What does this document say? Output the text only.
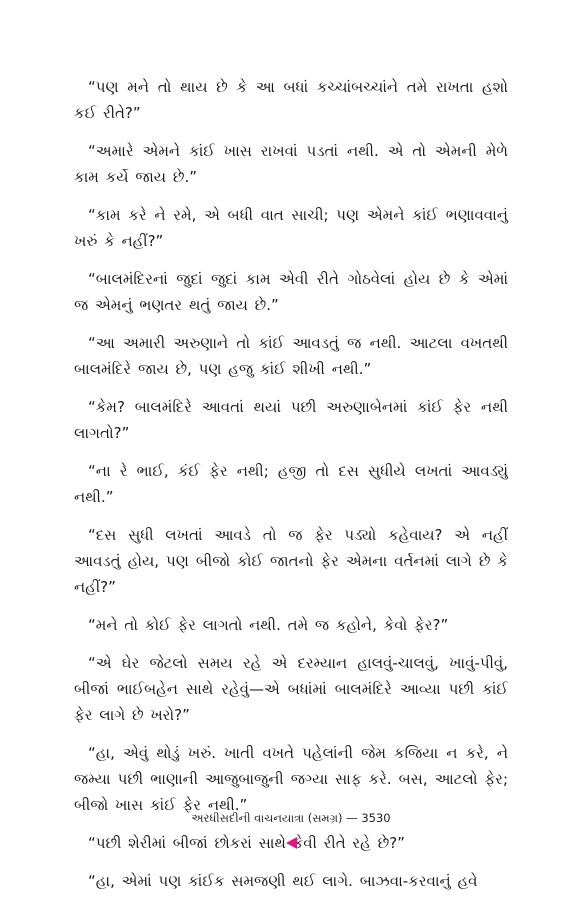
“પણ મને તો થાય છે કે આ બધાં કચ્ચાંબચ્ચાંને તમે રાખતા હશો કઈ રીતે?”

“અમારે એમને કાંઈ ખાસ રાખવાં પડતાં નથી. એ તો એમની મેળે કામ કર્યે જાય છે.”

“કામ કરે ને રમે, એ બધી વાત સાચી; પણ એમને કાંઈ ભણાવવાનું ખરું કે નહીં?”

“બાલમંદિરનાં જુદાં જુદાં કામ એવી રીતે ગોઠવેલાં હોય છે કે એમાં જ એમનું ભણતર થતું જાય છે.”

“આ અમારી અરુણાને તો કાંઈ આવડતું જ નથી. આટલા વખતથી બાલમંદિરે જાય છે, પણ હજુ કાંઈ શીખી નથી.”

“કેમ? બાલમંદિરે આવતાં થયાં પછી અરુણાબેનમાં કાંઈ ફેર નથી લાગતો?”

“ના રે ભાઈ, કંઈ ફેર નથી; હજી તો દસ સુધીયે લખતાં આવડ્યું નથી.”

“દસ સુધી લખતાં આવડે તો જ ફેર પડ્યો કહેવાય? એ નહીં આવડતું હોય, પણ બીજો કોઈ જાતનો ફેર એમના વર્તનમાં લાગે છે કે નહીં?”

“મને તો કોઈ ફેર લાગતો નથી. તમે જ કહોને, કેવો ફેર?”

“એ ઘેર જેટલો સમય રહે એ દરમ્યાન હાલવું-ચાલવું, ખાવું-પીવું, બીજાં ભાઈબહેન સાથે રહેવું—એ બધાંમાં બાલમંદિરે આવ્યા પછી કાંઈ ફેર લાગે છે ખરો?”

“હા, એવું થોડું ખરું. ખાતી વખતે પહેલાંની જેમ કજિયા ન કરે, ને જમ્યા પછી ભાણાની આજુબાજુની જગ્યા સાફ કરે. બસ, આટલો ફેર; બીજો ખાસ કાંઈ ફેર નથી.”

“પછી શેરીમાં બીજાં છોકરાં સાથે કેવી રીતે રહે છે?”

“હા, એમાં પણ કાંઈક સમજણી થઈ લાગે. બાઝવા-કરવાનું હવે

અરધીસદીની વાચનયાત્રા (સમગ્ર) — 3530
